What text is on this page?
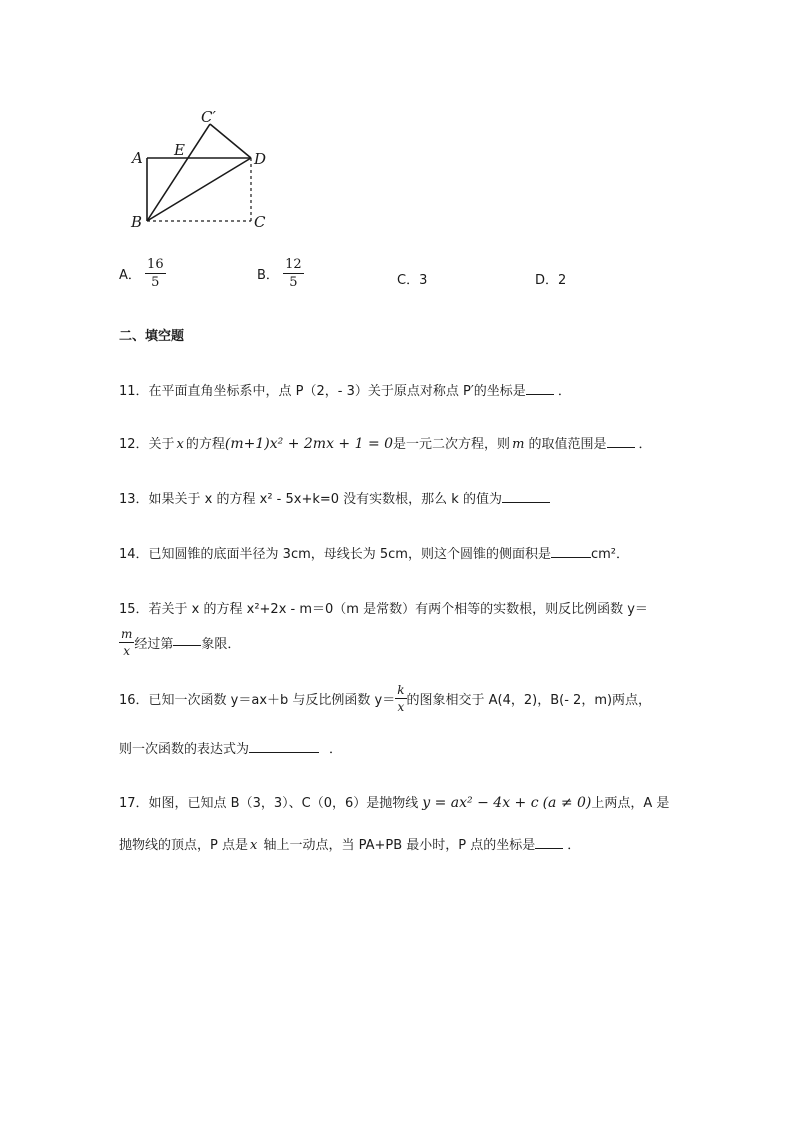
C′
A E	D
B	C
A． $\frac{16}{5}$	B． $\frac{12}{5}$	C．3	D．2
二、填空题
11．在平面直角坐标系中，点 P（2，- 3）关于原点对称点 P′的坐标是 ．
12．关于 x 的方程(m+1)x² + 2mx + 1 = 0是一元二次方程，则 m 的取值范围是 ．
13．如果关于 x 的方程 x² - 5x+k=0 没有实数根，那么 k 的值为
14．已知圆锥的底面半径为 3cm，母线长为 5cm，则这个圆锥的侧面积是	cm²．
15．若关于 x 的方程 x²+2x - m＝0（m 是常数）有两个相等的实数根，则反比例函数 y＝
$\frac{m}{x}$ 经过第 象限．
16．已知一次函数 y＝ax＋b 与反比例函数 $y= \frac{k}{x}$ 的图象相交于 A(4，2)，B(- 2，m)两点，
则一次函数的表达式为	．
17．如图，已知点 B（3，3）、C（0，6）是抛物线 y = ax² − 4x + c (a ≠ 0)上两点，A 是
抛物线的顶点，P 点是 x 轴上一动点，当 PA+PB 最小时，P 点的坐标是 ．
